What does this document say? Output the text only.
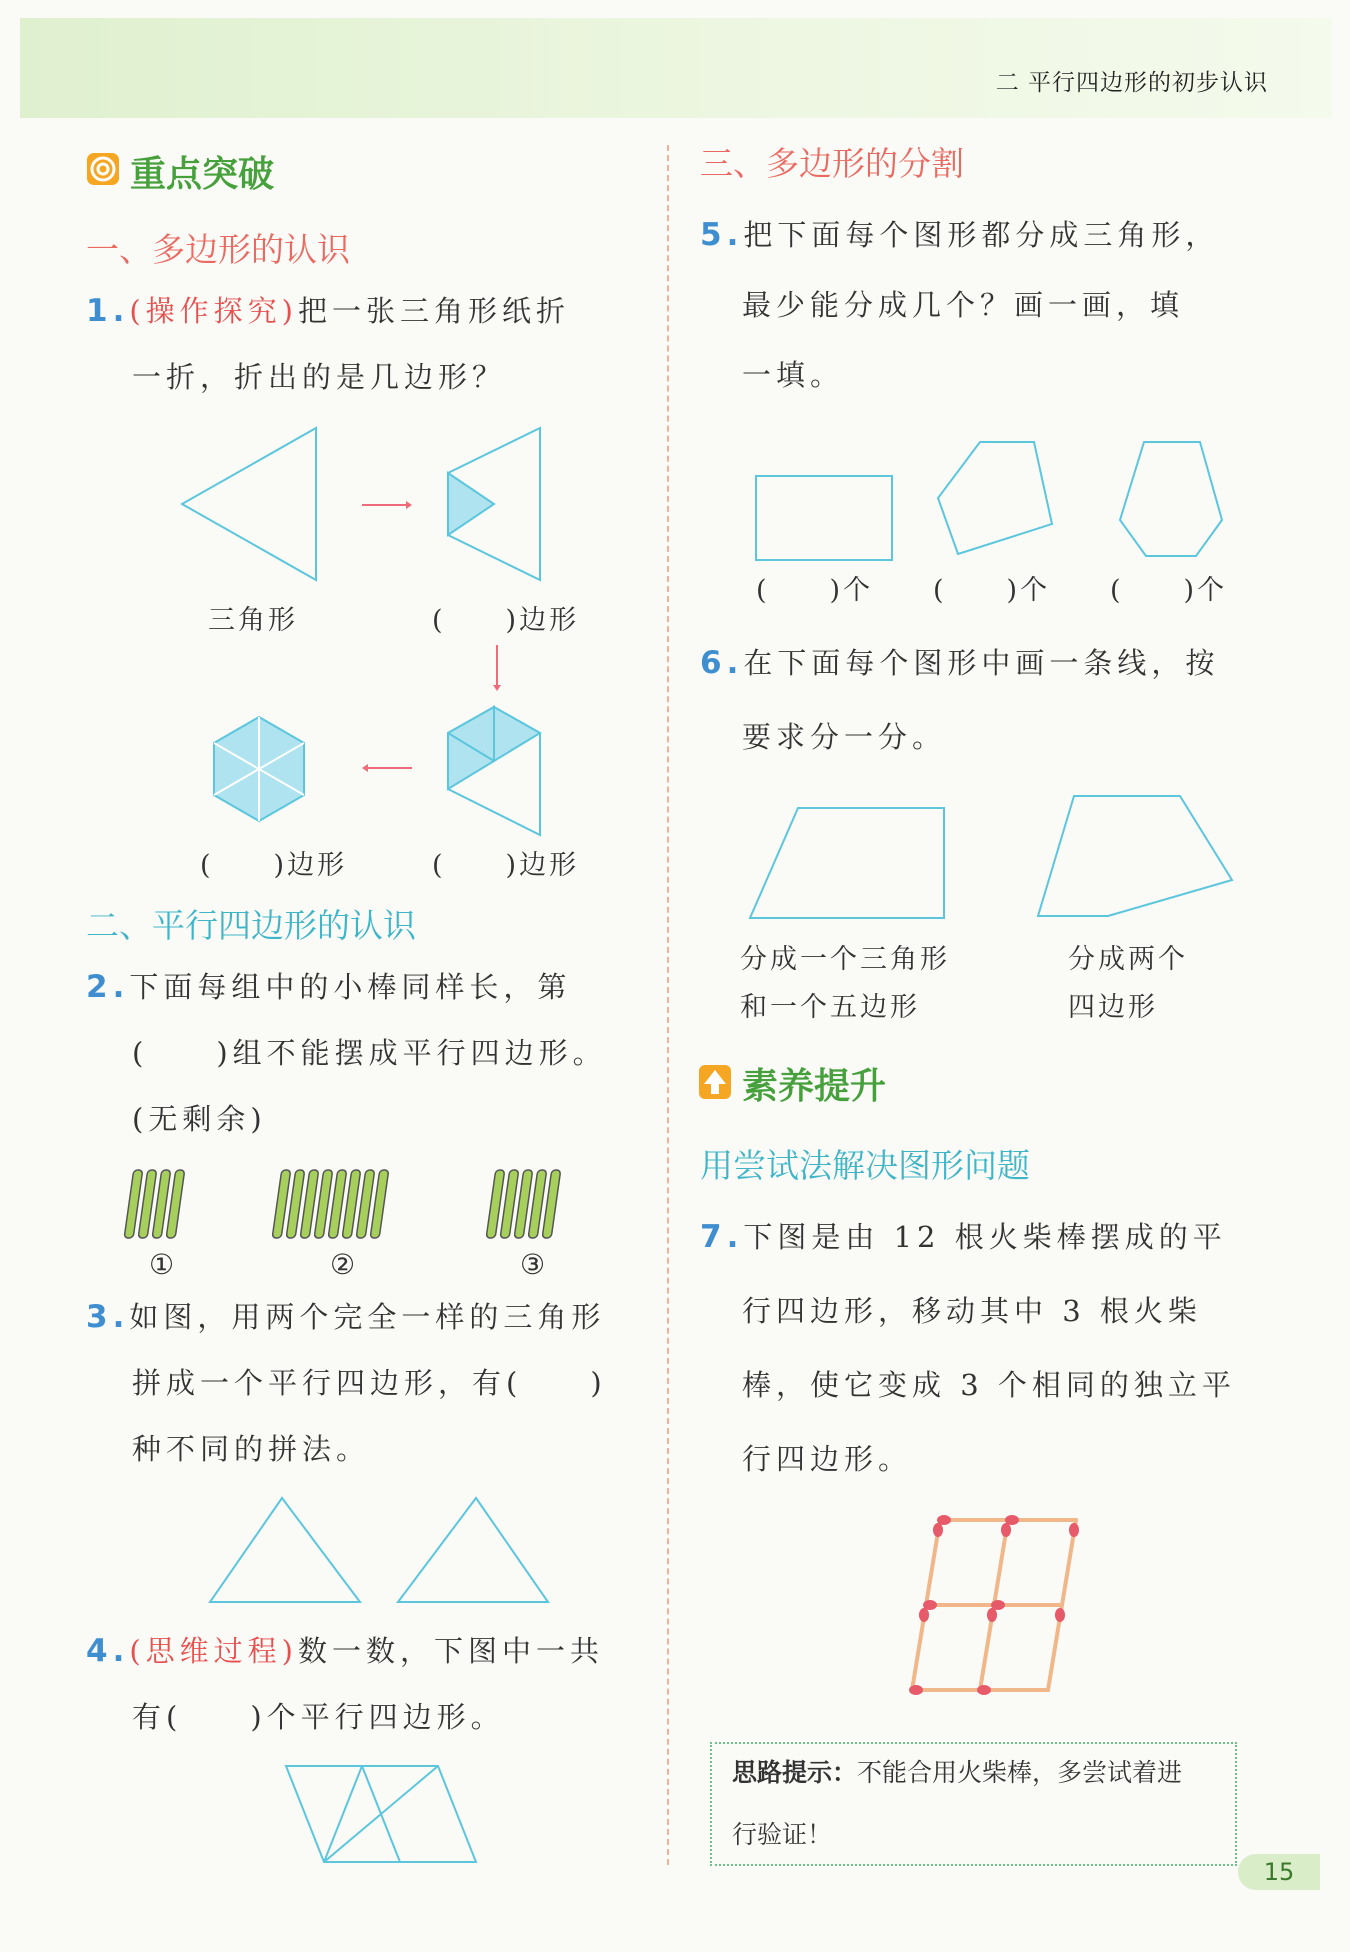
二 平行四边形的初步认识
重点突破
一、多边形的认识
1.(操作探究)把一张三角形纸折
一折，折出的是几边形？
三角形	(　　)边形
(　　)边形	(　　)边形
二、平行四边形的认识
2.下面每组中的小棒同样长，第
(　　)组不能摆成平行四边形。
(无剩余)
①	②	③
3.如图，用两个完全一样的三角形
拼成一个平行四边形，有(　　)
种不同的拼法。
4.(思维过程)数一数，下图中一共
有(　　)个平行四边形。
三、多边形的分割
5.把下面每个图形都分成三角形，
最少能分成几个？画一画，填
一填。
(　　)个 (　　)个 (　　)个
6.在下面每个图形中画一条线，按
要求分一分。
分成一个三角形
和一个五边形
分成两个
四边形
素养提升
用尝试法解决图形问题
7.下图是由 12 根火柴棒摆成的平
行四边形，移动其中 3 根火柴
棒，使它变成 3 个相同的独立平
行四边形。
思路提示：不能合用火柴棒，多尝试着进
行验证！
15
